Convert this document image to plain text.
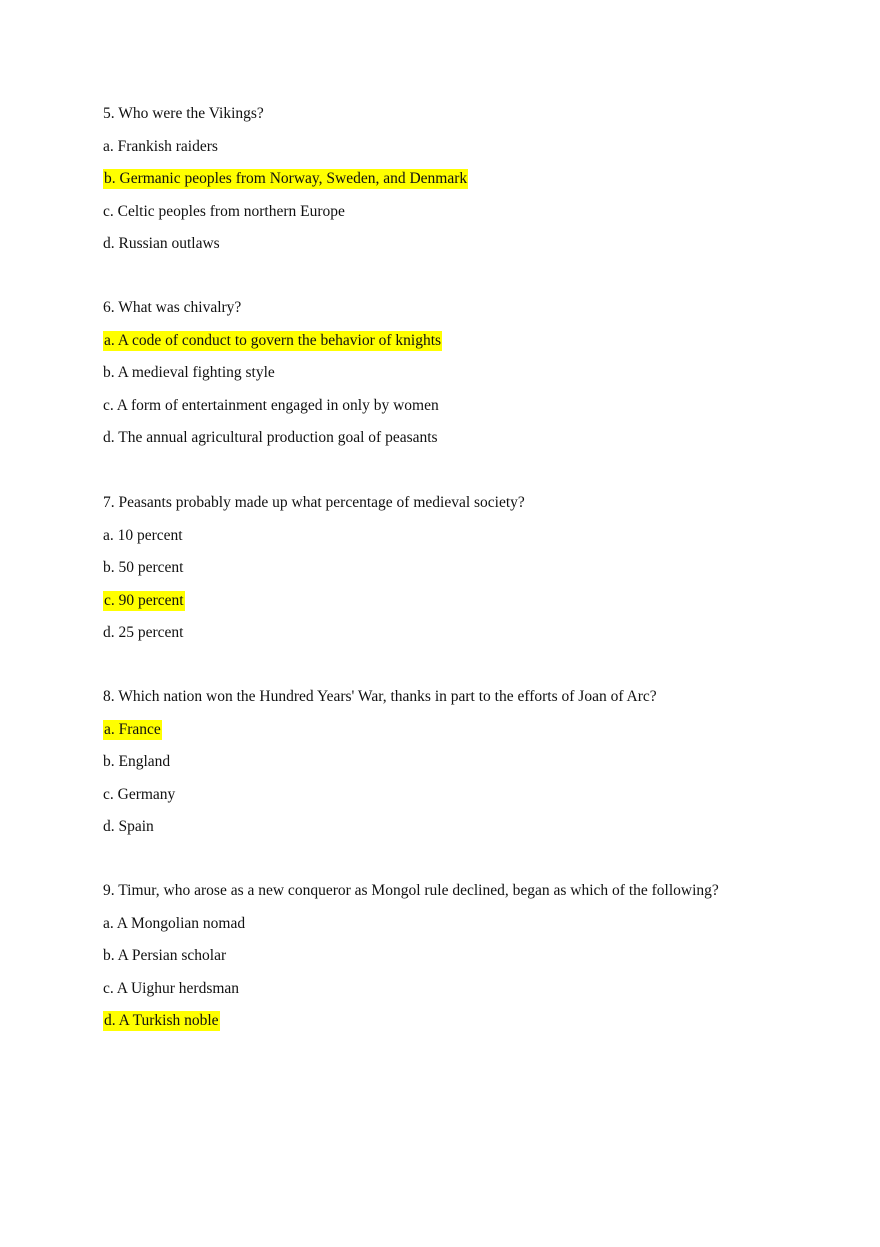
5. Who were the Vikings?
a. Frankish raiders
b. Germanic peoples from Norway, Sweden, and Denmark
c. Celtic peoples from northern Europe
d. Russian outlaws
6. What was chivalry?
a. A code of conduct to govern the behavior of knights
b. A medieval fighting style
c. A form of entertainment engaged in only by women
d. The annual agricultural production goal of peasants
7. Peasants probably made up what percentage of medieval society?
a. 10 percent
b. 50 percent
c. 90 percent
d. 25 percent
8. Which nation won the Hundred Years' War, thanks in part to the efforts of Joan of Arc?
a. France
b. England
c. Germany
d. Spain
9. Timur, who arose as a new conqueror as Mongol rule declined, began as which of the following?
a. A Mongolian nomad
b. A Persian scholar
c. A Uighur herdsman
d. A Turkish noble
